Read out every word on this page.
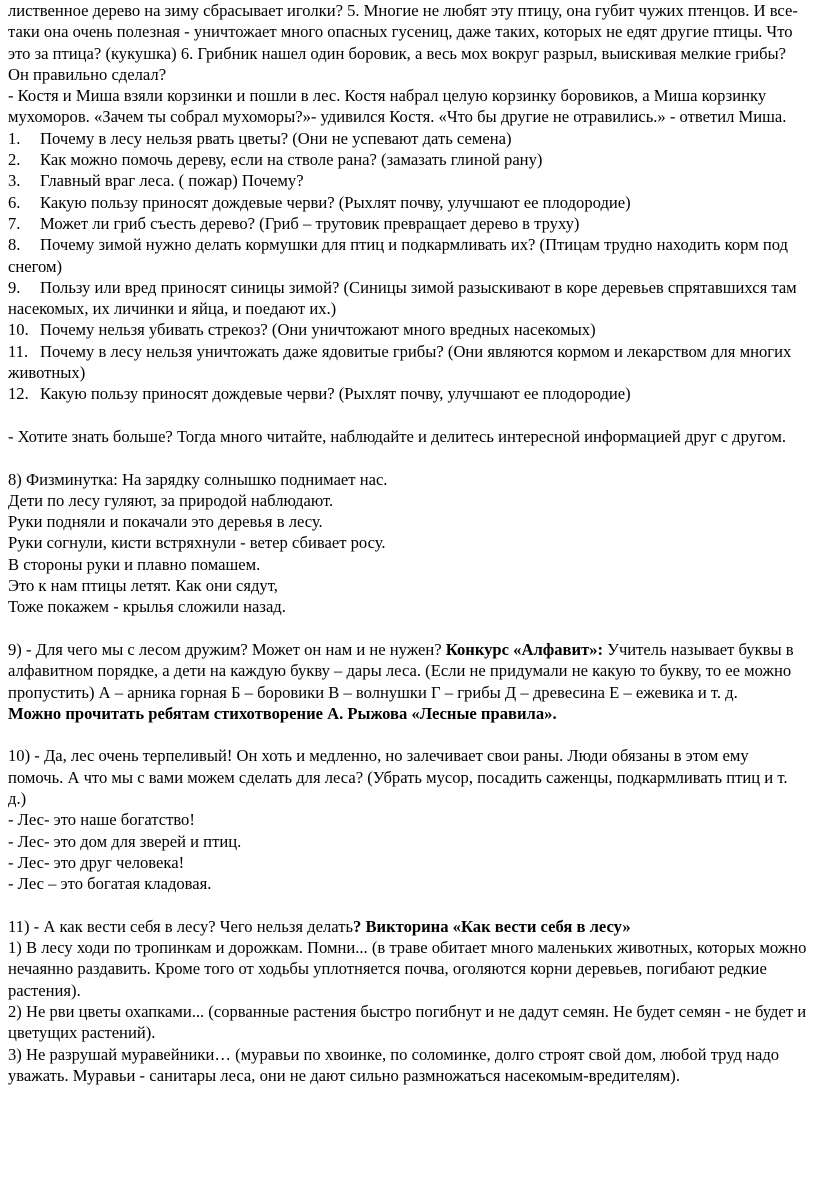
лиственное дерево на зиму сбрасывает иголки? 5. Многие не любят эту птицу, она губит чужих птенцов. И все-таки она очень полезная - уничтожает много опасных гусениц, даже таких, которых не едят другие птицы. Что это за птица? (кукушка) 6. Грибник нашел один боровик, а весь мох вокруг разрыл, выискивая мелкие грибы? Он правильно сделал?

- Костя и Миша взяли корзинки и пошли в лес. Костя набрал целую корзинку боровиков, а Миша корзинку мухоморов. «Зачем ты собрал мухоморы?»- удивился Костя. «Что бы другие не отравились.» - ответил Миша.

1.	Почему в лесу нельзя рвать цветы? (Они не успевают дать семена)
2.	Как можно помочь дереву, если на стволе рана? (замазать глиной рану)
3.	Главный враг леса. ( пожар) Почему?
6.	Какую пользу приносят дождевые черви? (Рыхлят почву, улучшают ее плодородие)
7.	Может ли гриб съесть дерево? (Гриб – трутовик превращает дерево в труху)
8. Почему зимой нужно делать кормушки для птиц и подкармливать их? (Птицам трудно находить корм под снегом)
9. Пользу или вред приносят синицы зимой? (Синицы зимой разыскивают в коре деревьев спрятавшихся там насекомых, их личинки и яйца, и поедают их.)
10. Почему нельзя убивать стрекоз? (Они уничтожают много вредных насекомых)
11. Почему в лесу нельзя уничтожать даже ядовитые грибы? (Они являются кормом и лекарством для многих животных)
12. Какую пользу приносят дождевые черви? (Рыхлят почву, улучшают ее плодородие)

- Хотите знать больше? Тогда много читайте, наблюдайте и делитесь интересной информацией друг с другом.

8) Физминутка: На зарядку солнышко поднимает нас.

Дети по лесу гуляют, за природой наблюдают.

Руки подняли и покачали это деревья в лесу.

Руки согнули, кисти встряхнули - ветер сбивает росу.

В стороны руки и плавно помашем.

Это к нам птицы летят. Как они сядут,

Тоже покажем - крылья сложили назад.

9) - Для чего мы с лесом дружим? Может он нам и не нужен? Конкурс «Алфавит»: Учитель называет буквы в алфавитном порядке, а дети на каждую букву – дары леса. (Если не придумали не какую то букву, то ее можно пропустить) А – арника горная Б – боровики В – волнушки Г – грибы Д – древесина Е – ежевика и т. д.

Можно прочитать ребятам стихотворение А. Рыжова «Лесные правила».

10) - Да, лес очень терпеливый! Он хоть и медленно, но залечивает свои раны. Люди обязаны в этом ему помочь. А что мы с вами можем сделать для леса? (Убрать мусор, посадить саженцы, подкармливать птиц и т. д.)

- Лес- это наше богатство!

- Лес- это дом для зверей и птиц.

- Лес- это друг человека!

- Лес – это богатая кладовая.

11) - А как вести себя в лесу? Чего нельзя делать? Викторина «Как вести себя в лесу»

1) В лесу ходи по тропинкам и дорожкам. Помни... (в траве обитает много маленьких животных, которых можно нечаянно раздавить. Кроме того от ходьбы уплотняется почва, оголяются корни деревьев, погибают редкие растения).

2) Не рви цветы охапками... (сорванные растения быстро погибнут и не дадут семян. Не будет семян - не будет и цветущих растений).

3) Не разрушай муравейники… (муравьи по хвоинке, по соломинке, долго строят свой дом, любой труд надо уважать. Муравьи - санитары леса, они не дают сильно размножаться насекомым-вредителям).
